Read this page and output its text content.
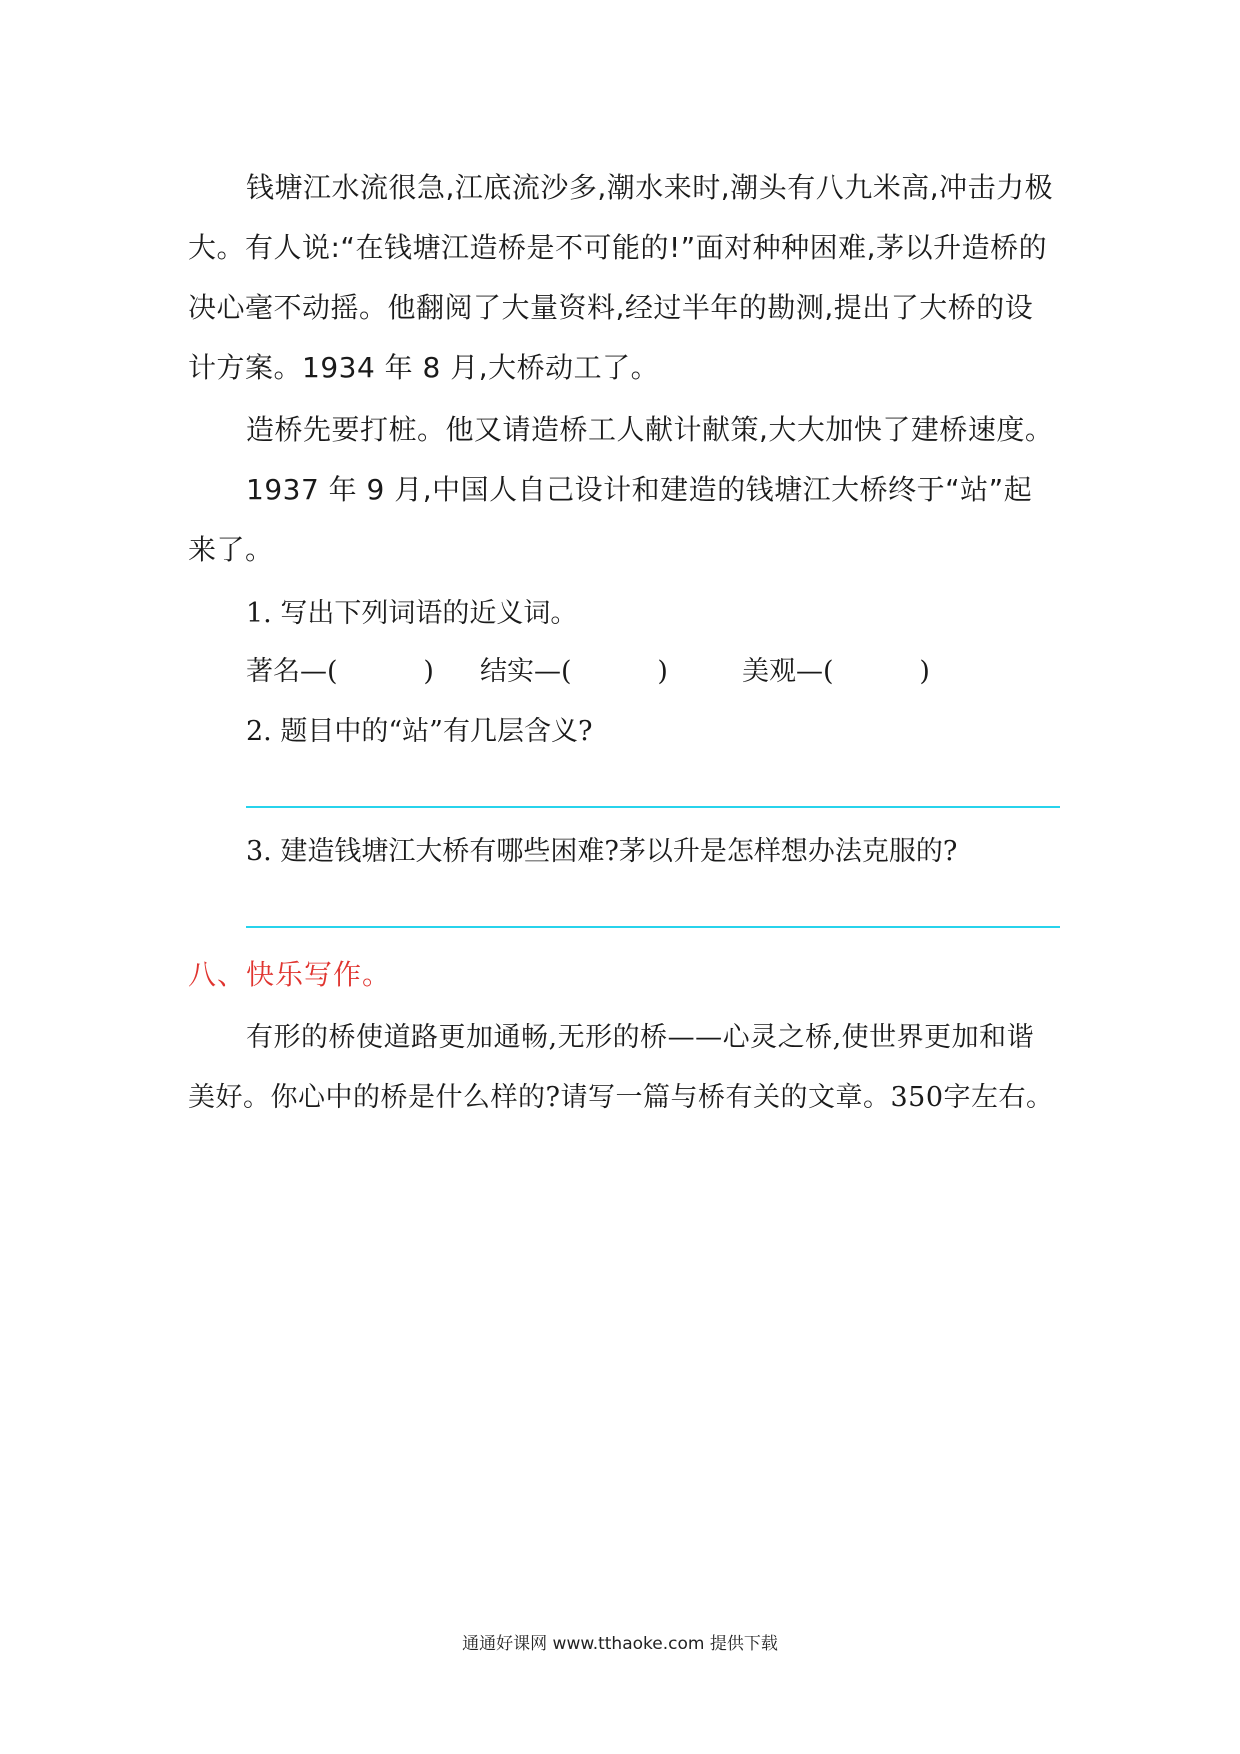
钱塘江水流很急,江底流沙多,潮水来时,潮头有八九米高,冲击力极大。有人说:“在钱塘江造桥是不可能的!”面对种种困难,茅以升造桥的决心毫不动摇。他翻阅了大量资料,经过半年的勘测,提出了大桥的设计方案。1934 年 8 月,大桥动工了。

造桥先要打桩。他又请造桥工人献计献策,大大加快了建桥速度。

1937 年 9 月,中国人自己设计和建造的钱塘江大桥终于“站”起来了。

1. 写出下列词语的近义词。

著名—(          ) 结实—(          )	美观—(          )

2. 题目中的“站”有几层含义?

3. 建造钱塘江大桥有哪些困难?茅以升是怎样想办法克服的?

八、快乐写作。

有形的桥使道路更加通畅,无形的桥——心灵之桥,使世界更加和谐美好。你心中的桥是什么样的?请写一篇与桥有关的文章。350字左右。

通通好课网 www.tthaoke.com 提供下载
